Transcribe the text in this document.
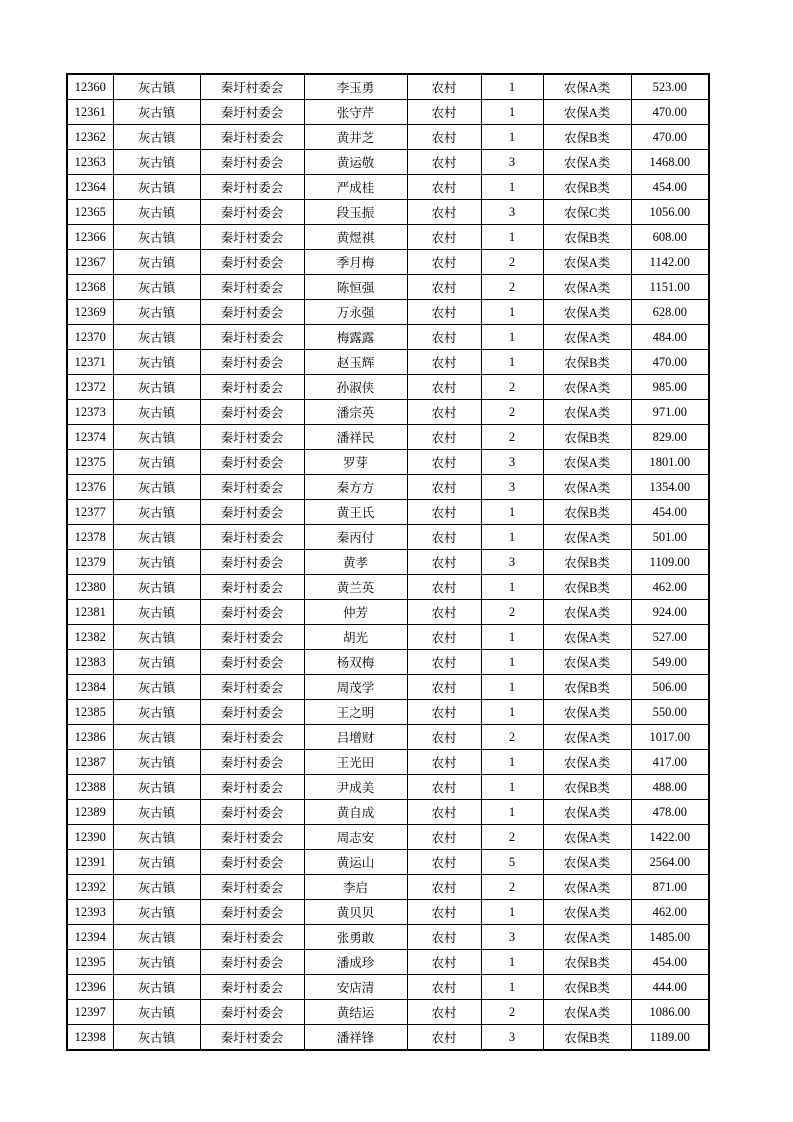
12360	灰古镇	秦圩村委会	李玉勇	农村	1	农保A类	523.00
12361	灰古镇	秦圩村委会	张守芹	农村	1	农保A类	470.00
12362	灰古镇	秦圩村委会	黄井芝	农村	1	农保B类	470.00
12363	灰古镇	秦圩村委会	黄运敬	农村	3	农保A类	1468.00
12364	灰古镇	秦圩村委会	严成桂	农村	1	农保B类	454.00
12365	灰古镇	秦圩村委会	段玉振	农村	3	农保C类	1056.00
12366	灰古镇	秦圩村委会	黄煜祺	农村	1	农保B类	608.00
12367	灰古镇	秦圩村委会	季月梅	农村	2	农保A类	1142.00
12368	灰古镇	秦圩村委会	陈恒强	农村	2	农保A类	1151.00
12369	灰古镇	秦圩村委会	万永强	农村	1	农保A类	628.00
12370	灰古镇	秦圩村委会	梅露露	农村	1	农保A类	484.00
12371	灰古镇	秦圩村委会	赵玉辉	农村	1	农保B类	470.00
12372	灰古镇	秦圩村委会	孙淑侠	农村	2	农保A类	985.00
12373	灰古镇	秦圩村委会	潘宗英	农村	2	农保A类	971.00
12374	灰古镇	秦圩村委会	潘祥民	农村	2	农保B类	829.00
12375	灰古镇	秦圩村委会	罗芽	农村	3	农保A类	1801.00
12376	灰古镇	秦圩村委会	秦方方	农村	3	农保A类	1354.00
12377	灰古镇	秦圩村委会	黄王氏	农村	1	农保B类	454.00
12378	灰古镇	秦圩村委会	秦丙付	农村	1	农保A类	501.00
12379	灰古镇	秦圩村委会	黄孝	农村	3	农保B类	1109.00
12380	灰古镇	秦圩村委会	黄兰英	农村	1	农保B类	462.00
12381	灰古镇	秦圩村委会	仲芳	农村	2	农保A类	924.00
12382	灰古镇	秦圩村委会	胡光	农村	1	农保A类	527.00
12383	灰古镇	秦圩村委会	杨双梅	农村	1	农保A类	549.00
12384	灰古镇	秦圩村委会	周茂学	农村	1	农保B类	506.00
12385	灰古镇	秦圩村委会	王之明	农村	1	农保A类	550.00
12386	灰古镇	秦圩村委会	吕增财	农村	2	农保A类	1017.00
12387	灰古镇	秦圩村委会	王光田	农村	1	农保A类	417.00
12388	灰古镇	秦圩村委会	尹成美	农村	1	农保B类	488.00
12389	灰古镇	秦圩村委会	黄自成	农村	1	农保A类	478.00
12390	灰古镇	秦圩村委会	周志安	农村	2	农保A类	1422.00
12391	灰古镇	秦圩村委会	黄运山	农村	5	农保A类	2564.00
12392	灰古镇	秦圩村委会	李启	农村	2	农保A类	871.00
12393	灰古镇	秦圩村委会	黄贝贝	农村	1	农保A类	462.00
12394	灰古镇	秦圩村委会	张勇敢	农村	3	农保A类	1485.00
12395	灰古镇	秦圩村委会	潘成珍	农村	1	农保B类	454.00
12396	灰古镇	秦圩村委会	安店清	农村	1	农保B类	444.00
12397	灰古镇	秦圩村委会	黄结运	农村	2	农保A类	1086.00
12398	灰古镇	秦圩村委会	潘祥锋	农村	3	农保B类	1189.00
